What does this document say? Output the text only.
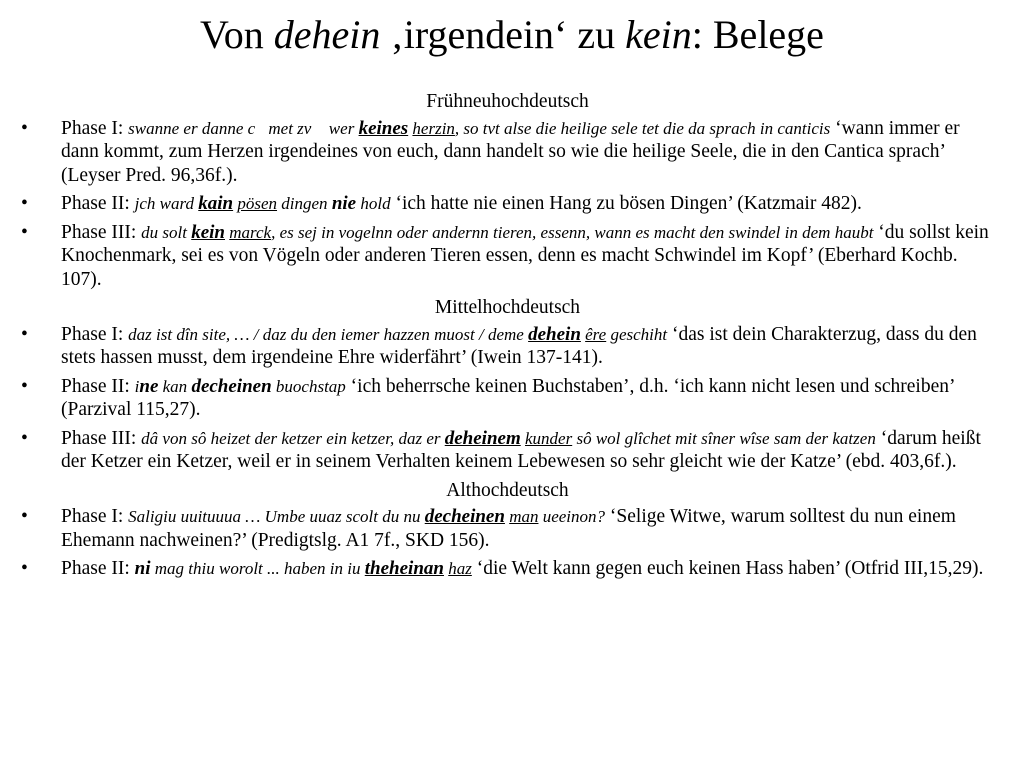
Von dehein ‚irgendein‘ zu kein: Belege
Frühneuhochdeutsch
• Phase I: swanne er danne c met zv  wer keines herzin, so tvt alse die heilige sele tet die da sprach in canticis ‘wann immer er dann kommt, zum Herzen irgendeines von euch, dann handelt so wie die heilige Seele, die in den Cantica sprach’ (Leyser Pred. 96,36f.).
• Phase II: jch ward kain pösen dingen nie hold ‘ich hatte nie einen Hang zu bösen Dingen’ (Katzmair 482).
• Phase III: du solt kein marck, es sej in vogelnn oder andernn tieren, essenn, wann es macht den swindel in dem haubt ‘du sollst kein Knochenmark, sei es von Vögeln oder anderen Tieren essen, denn es macht Schwindel im Kopf’ (Eberhard Kochb. 107).
Mittelhochdeutsch
• Phase I: daz ist dîn site, … / daz du den iemer hazzen muost / deme dehein êre geschiht ‘das ist dein Charakterzug, dass du den stets hassen musst, dem irgendeine Ehre widerfährt’ (Iwein 137-141).
• Phase II: ine kan decheinen buochstap ‘ich beherrsche keinen Buchstaben’, d.h. ‘ich kann nicht lesen und schreiben’ (Parzival 115,27).
• Phase III: dâ von sô heizet der ketzer ein ketzer, daz er deheinem kunder sô wol glîchet mit sîner wîse sam der katzen ‘darum heißt der Ketzer ein Ketzer, weil er in seinem Verhalten keinem Lebewesen so sehr gleicht wie der Katze’ (ebd. 403,6f.).
Althochdeutsch
• Phase I: Saligiu uuituuua … Umbe uuaz scolt du nu decheinen man ueeinon? ‘Selige Witwe, warum solltest du nun einem Ehemann nachweinen?’ (Predigtslg. A1 7f., SKD 156).
• Phase II: ni mag thiu worolt ... haben in iu theheinan haz ‘die Welt kann gegen euch keinen Hass haben’ (Otfrid III,15,29).
